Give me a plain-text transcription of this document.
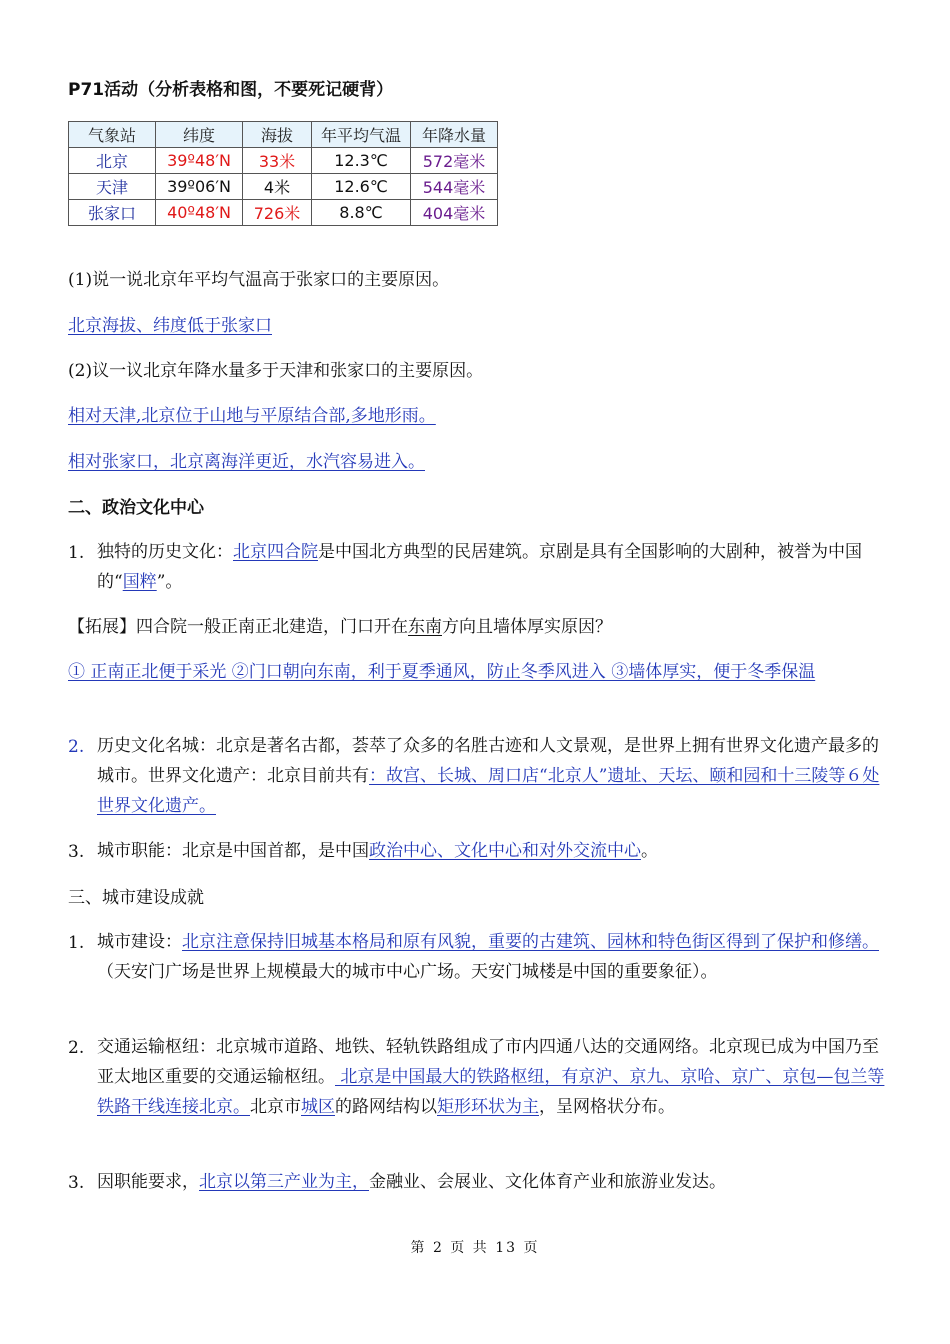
P71活动（分析表格和图，不要死记硬背）
气象站	纬度	海拔	年平均气温	年降水量
北京	39º48′N	33米	12.3℃	572毫米
天津	39º06′N	4米	12.6℃	544毫米
张家口	40º48′N	726米	8.8℃	404毫米
(1)说一说北京年平均气温高于张家口的主要原因。
北京海拔、纬度低于张家口
(2)议一议北京年降水量多于天津和张家口的主要原因。
相对天津,北京位于山地与平原结合部,多地形雨。
相对张家口，北京离海洋更近，水汽容易进入。
二、政治文化中心
1. 独特的历史文化：北京四合院是中国北方典型的民居建筑。京剧是具有全国影响的大剧种，被誉为中国的“国粹”。
【拓展】四合院一般正南正北建造，门口开在东南方向且墙体厚实原因？
① 正南正北便于采光 ②门口朝向东南，利于夏季通风，防止冬季风进入 ③墙体厚实，便于冬季保温
2. 历史文化名城：北京是著名古都，荟萃了众多的名胜古迹和人文景观，是世界上拥有世界文化遗产最多的城市。世界文化遗产：北京目前共有：故宫、长城、周口店“北京人”遗址、天坛、颐和园和十三陵等６处世界文化遗产。
3. 城市职能：北京是中国首都，是中国政治中心、文化中心和对外交流中心。
三、城市建设成就
1. 城市建设：北京注意保持旧城基本格局和原有风貌，重要的古建筑、园林和特色街区得到了保护和修缮。（天安门广场是世界上规模最大的城市中心广场。天安门城楼是中国的重要象征）。
2. 交通运输枢纽：北京城市道路、地铁、轻轨铁路组成了市内四通八达的交通网络。北京现已成为中国乃至亚太地区重要的交通运输枢纽。 北京是中国最大的铁路枢纽，有京沪、京九、京哈、京广、京包—包兰等铁路干线连接北京。北京市城区的路网结构以矩形环状为主，呈网格状分布。
3. 因职能要求，北京以第三产业为主，金融业、会展业、文化体育产业和旅游业发达。
第 2 页 共 13 页
